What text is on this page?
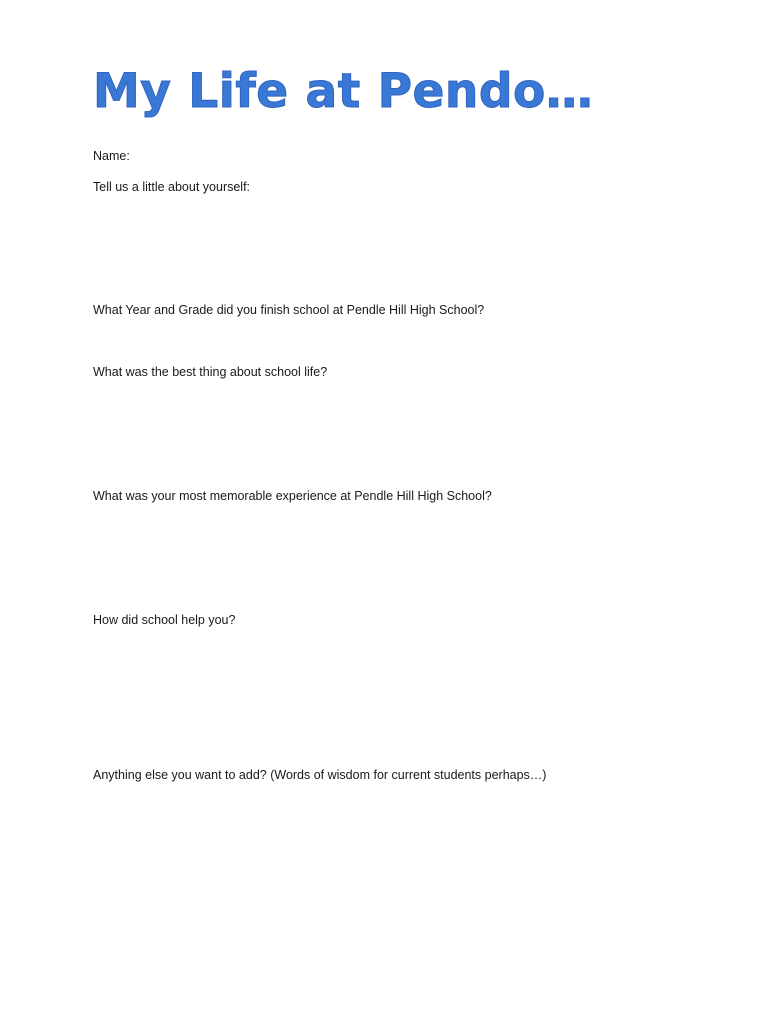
My Life at Pendo…

Name:

Tell us a little about yourself:

What Year and Grade did you finish school at Pendle Hill High School?

What was the best thing about school life?

What was your most memorable experience at Pendle Hill High School?

How did school help you?

Anything else you want to add? (Words of wisdom for current students perhaps…)
